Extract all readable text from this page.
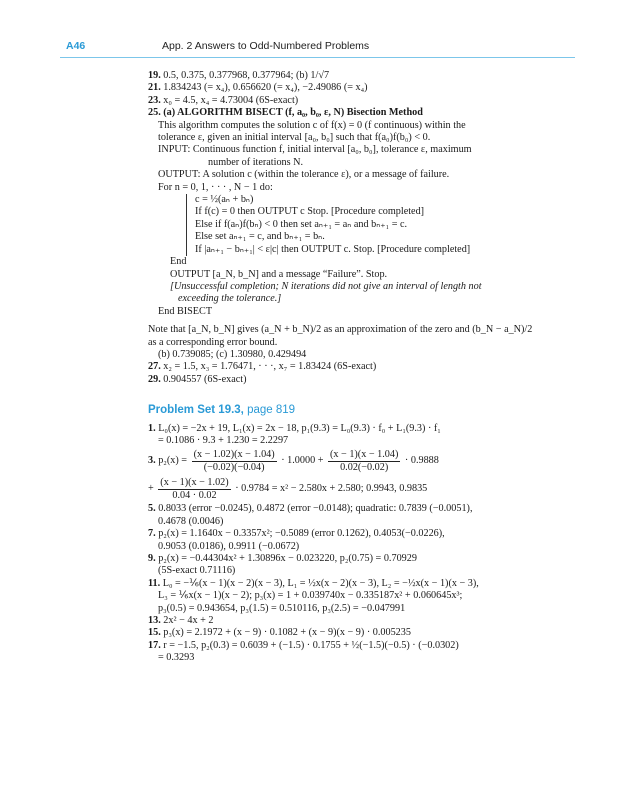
A46	App. 2 Answers to Odd-Numbered Problems
19. 0.5, 0.375, 0.377968, 0.377964; (b) 1/√7
21. 1.834243 (= x₄), 0.656620 (= x₄), −2.49086 (= x₄)
23. x₀ = 4.5, x₄ = 4.73004 (6S-exact)
25. (a) ALGORITHM BISECT (f, a₀, b₀, ε, N) Bisection Method
This algorithm computes the solution c of f(x) = 0 (f continuous) within the
tolerance ε, given an initial interval [a₀, b₀] such that f(a₀)f(b₀) < 0.
INPUT: Continuous function f, initial interval [a₀, b₀], tolerance ε, maximum
number of iterations N.
OUTPUT: A solution c (within the tolerance ε), or a message of failure.
For n = 0, 1, · · · , N − 1 do:
c = ½(aₙ + bₙ)
If f(c) = 0 then OUTPUT c Stop. [Procedure completed]
Else if f(aₙ)f(bₙ) < 0 then set aₙ₊₁ = aₙ and bₙ₊₁ = c.
Else set aₙ₊₁ = c, and bₙ₊₁ = bₙ.
If |aₙ₊₁ − bₙ₊₁| < ε|c| then OUTPUT c. Stop. [Procedure completed]
End
OUTPUT [a_N, b_N] and a message “Failure”. Stop.
[Unsuccessful completion; N iterations did not give an interval of length not
exceeding the tolerance.]
End BISECT
Note that [a_N, b_N] gives (a_N + b_N)/2 as an approximation of the zero and (b_N − a_N)/2
as a corresponding error bound.
(b) 0.739085; (c) 1.30980, 0.429494
27. x₂ = 1.5, x₃ = 1.76471, · · ·, x₇ = 1.83424 (6S-exact)
29. 0.904557 (6S-exact)
Problem Set 19.3, page 819
1. L₀(x) = −2x + 19, L₁(x) = 2x − 18, p₁(9.3) = L₀(9.3) · f₀ + L₁(9.3) · f₁
= 0.1086 · 9.3 + 1.230 = 2.2297
3. $p_2(x) = \frac{(x - 1.02)(x - 1.04)}{(-0.02)(-0.04)} \cdot 1.0000 + \frac{(x - 1)(x - 1.04)}{0.02(-0.02)} \cdot 0.9888$
+ $\frac{(x - 1)(x - 1.02)}{0.04 \cdot 0.02} \cdot 0.9784 = x^2 - 2.580x + 2.580$; 0.9943, 0.9835
5. 0.8033 (error −0.0245), 0.4872 (error −0.0148); quadratic: 0.7839 (−0.0051),
0.4678 (0.0046)
7. p₂(x) = 1.1640x − 0.3357x²; −0.5089 (error 0.1262), 0.4053(−0.0226),
0.9053 (0.0186), 0.9911 (−0.0672)
9. p₂(x) = −0.44304x² + 1.30896x − 0.023220, p₂(0.75) = 0.70929
(5S-exact 0.71116)
11. L₀ = −⅙(x − 1)(x − 2)(x − 3), L₁ = ½x(x − 2)(x − 3), L₂ = −½x(x − 1)(x − 3),
L₃ = ⅙x(x − 1)(x − 2); p₃(x) = 1 + 0.039740x − 0.335187x² + 0.060645x³;
p₃(0.5) = 0.943654, p₃(1.5) = 0.510116, p₃(2.5) = −0.047991
13. 2x² − 4x + 2
15. p₃(x) = 2.1972 + (x − 9) · 0.1082 + (x − 9)(x − 9) · 0.005235
17. r = −1.5, p₂(0.3) = 0.6039 + (−1.5) · 0.1755 + ½(−1.5)(−0.5) · (−0.0302)
= 0.3293
